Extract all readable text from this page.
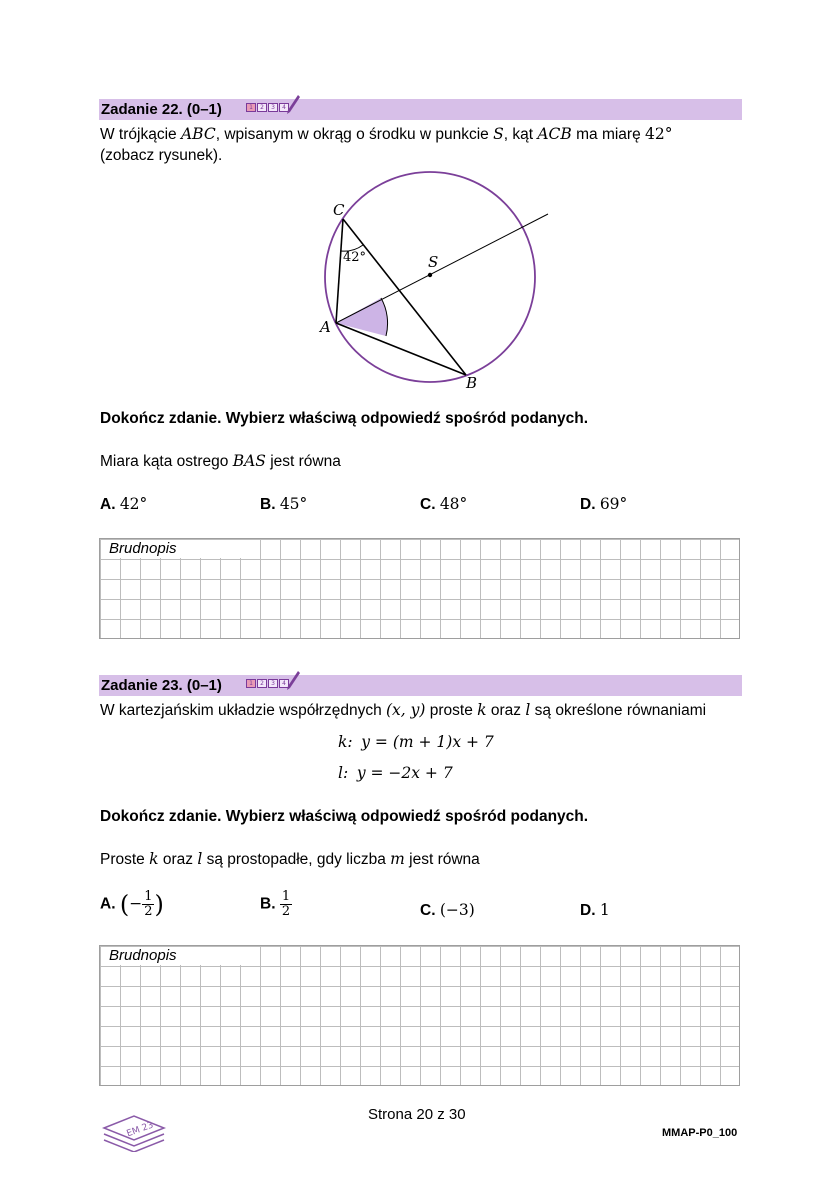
Zadanie 22. (0–1)	1	2	3	4
W trójkącie ABC, wpisanym w okrąg o środku w punkcie S, kąt ACB ma miarę 42°
(zobacz rysunek).
C
A
B
S
42°
Dokończ zdanie. Wybierz właściwą odpowiedź spośród podanych.
Miara kąta ostrego BAS jest równa
A. 42°	B. 45°	C. 48°	D. 69°
Brudnopis
Zadanie 23. (0–1)	1	2	3	4
W kartezjańskim układzie współrzędnych (x, y) proste k oraz l są określone równaniami
k: y = (m + 1)x + 7
l: y = −2x + 7
Dokończ zdanie. Wybierz właściwą odpowiedź spośród podanych.
Proste k oraz l są prostopadłe, gdy liczba m jest równa
A. (− $\frac{1}{2}$ )	B. $\frac{1}{2}$	C. (−3)	D. 1
Brudnopis
EM 23
Strona 20 z 30
MMAP-P0_100
